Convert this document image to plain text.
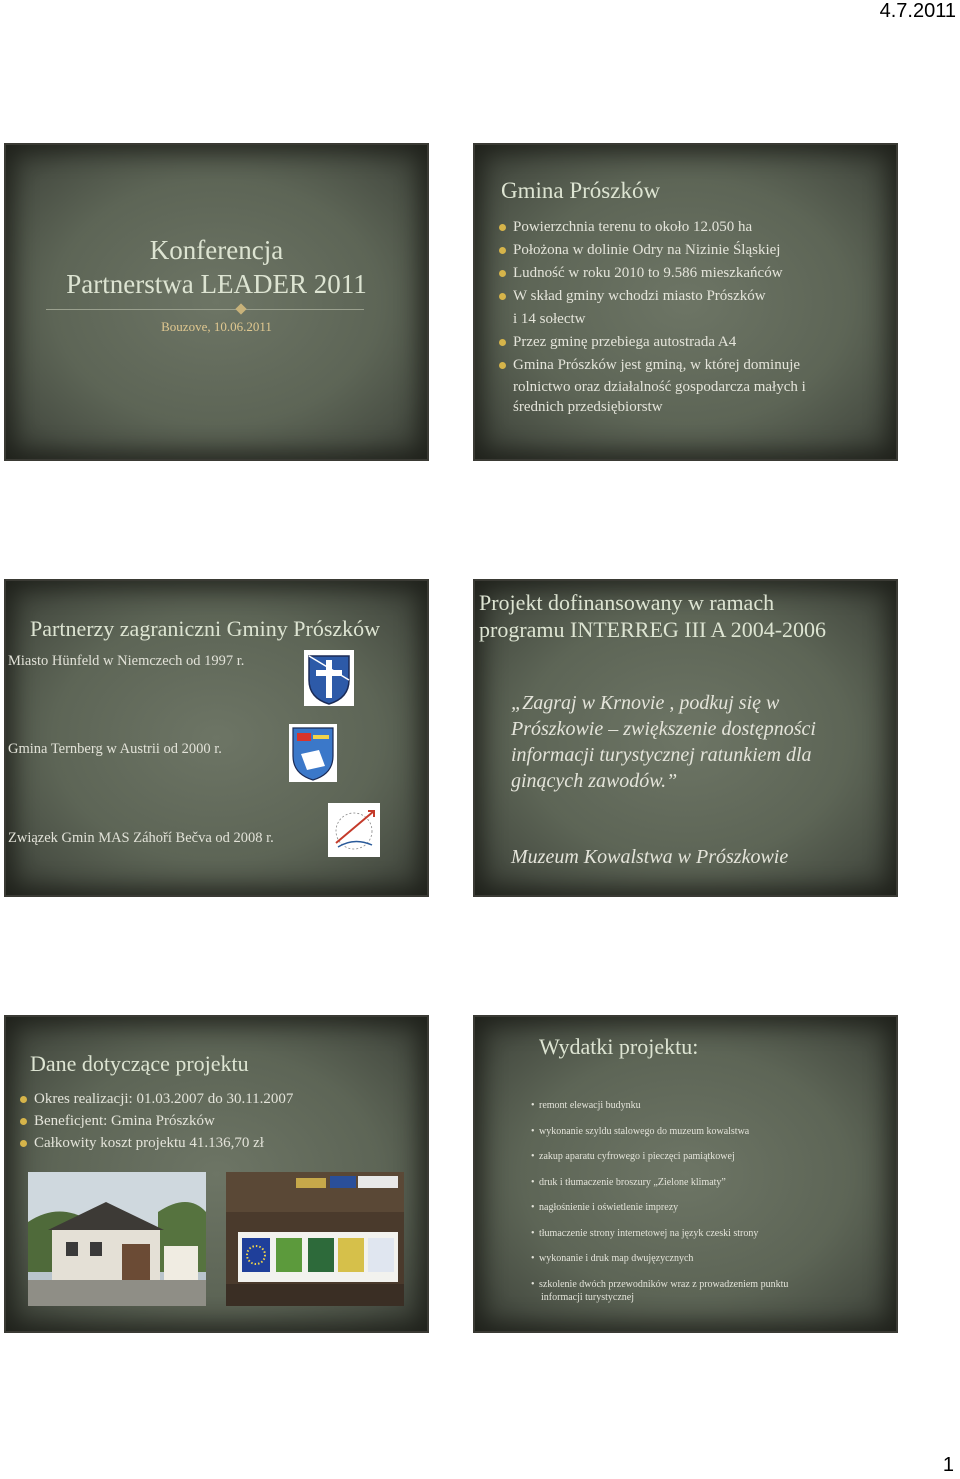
4.7.2011
Konferencja
Partnerstwa LEADER 2011
Bouzove, 10.06.2011
Gmina Prószków
Powierzchnia terenu to około 12.050 ha
Położona w dolinie Odry na Nizinie Śląskiej
Ludność w roku 2010 to 9.586 mieszkańców
W skład gminy wchodzi miasto Prószków
i 14 sołectw
Przez gminę przebiega autostrada A4
Gmina Prószków jest gminą, w której dominuje
rolnictwo oraz działalność gospodarcza małych i
średnich przedsiębiorstw
Partnerzy zagraniczni Gminy Prószków
Miasto Hünfeld w Niemczech od 1997 r.
Gmina Ternberg w Austrii od 2000 r.
Związek Gmin MAS Záhoří Bečva od 2008 r.
Projekt dofinansowany w ramach
programu INTERREG III A 2004-2006
„Zagraj w Krnovie , podkuj się w
Prószkowie – zwiększenie dostępności
informacji turystycznej ratunkiem dla
ginących zawodów.”
Muzeum Kowalstwa w Prószkowie
Dane dotyczące projektu
Okres realizacji: 01.03.2007 do 30.11.2007
Beneficjent: Gmina Prószków
Całkowity koszt projektu 41.136,70 zł
Wydatki projektu:
• remont elewacji budynku
• wykonanie szyldu stalowego do muzeum kowalstwa
• zakup aparatu cyfrowego i pieczęci pamiątkowej
• druk i tłumaczenie broszury „Zielone klimaty”
• nagłośnienie i oświetlenie imprezy
• tłumaczenie strony internetowej na język czeski strony
• wykonanie i druk map dwujęzycznych
• szkolenie dwóch przewodników wraz z prowadzeniem punktu
informacji turystycznej
1
